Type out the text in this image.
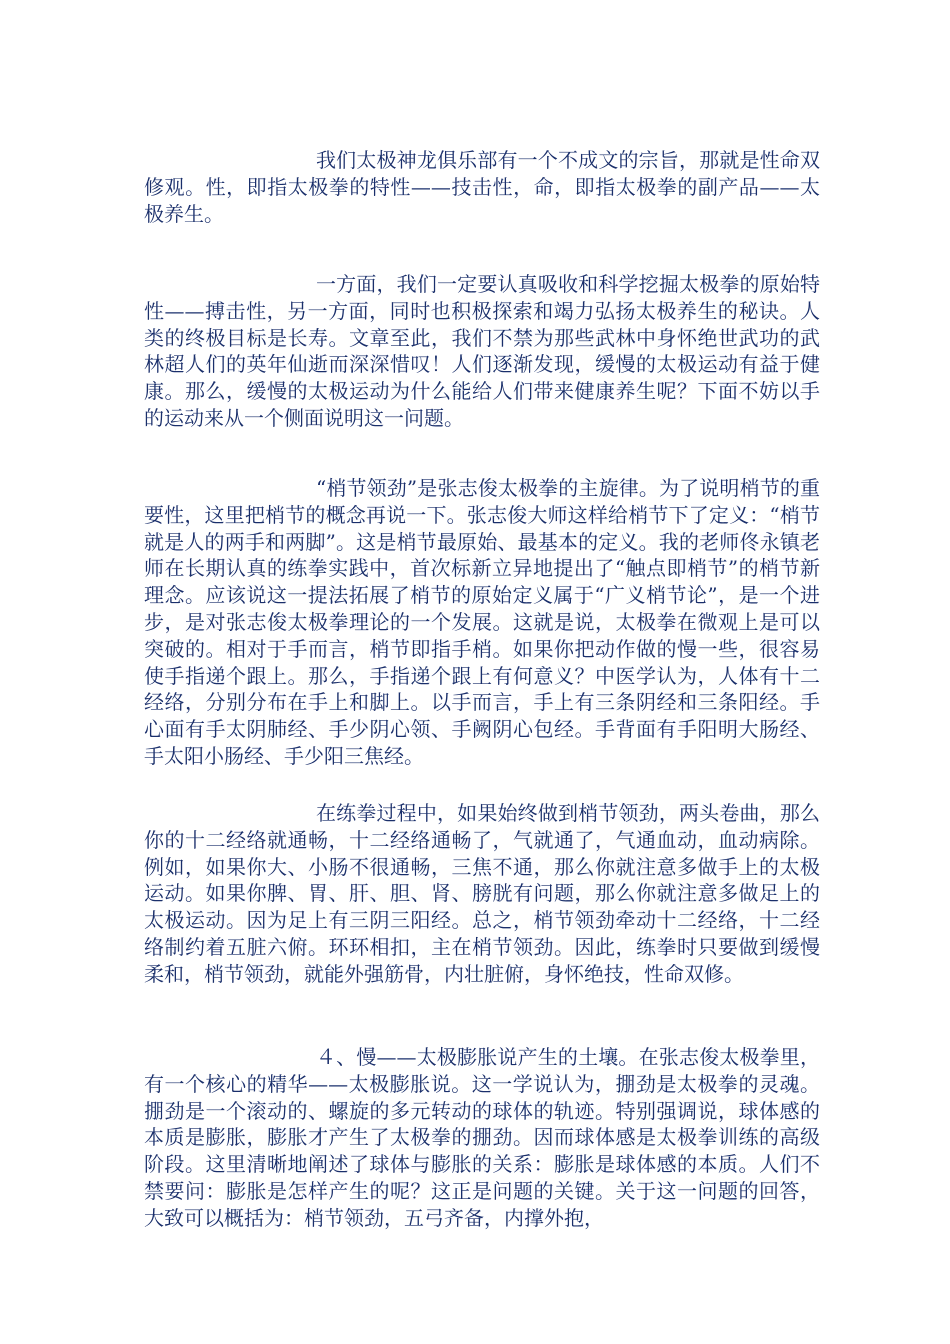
我们太极神龙俱乐部有一个不成文的宗旨，那就是性命双修观。性，即指太极拳的特性——技击性，命，即指太极拳的副产品——太极养生。

一方面，我们一定要认真吸收和科学挖掘太极拳的原始特性——搏击性，另一方面，同时也积极探索和竭力弘扬太极养生的秘诀。人类的终极目标是长寿。文章至此，我们不禁为那些武林中身怀绝世武功的武林超人们的英年仙逝而深深惜叹！人们逐渐发现，缓慢的太极运动有益于健康。那么，缓慢的太极运动为什么能给人们带来健康养生呢？下面不妨以手的运动来从一个侧面说明这一问题。

“梢节领劲”是张志俊太极拳的主旋律。为了说明梢节的重要性，这里把梢节的概念再说一下。张志俊大师这样给梢节下了定义：“梢节就是人的两手和两脚”。这是梢节最原始、最基本的定义。我的老师佟永镇老师在长期认真的练拳实践中，首次标新立异地提出了“触点即梢节”的梢节新理念。应该说这一提法拓展了梢节的原始定义属于“广义梢节论”，是一个进步，是对张志俊太极拳理论的一个发展。这就是说，太极拳在微观上是可以突破的。相对于手而言，梢节即指手梢。如果你把动作做的慢一些，很容易使手指递个跟上。那么，手指递个跟上有何意义？中医学认为，人体有十二经络，分别分布在手上和脚上。以手而言，手上有三条阴经和三条阳经。手心面有手太阴肺经、手少阴心领、手阙阴心包经。手背面有手阳明大肠经、手太阳小肠经、手少阳三焦经。

在练拳过程中，如果始终做到梢节领劲，两头卷曲，那么你的十二经络就通畅，十二经络通畅了，气就通了，气通血动，血动病除。例如，如果你大、小肠不很通畅，三焦不通，那么你就注意多做手上的太极运动。如果你脾、胃、肝、胆、肾、膀胱有问题，那么你就注意多做足上的太极运动。因为足上有三阴三阳经。总之，梢节领劲牵动十二经络，十二经络制约着五脏六俯。环环相扣，主在梢节领劲。因此，练拳时只要做到缓慢柔和，梢节领劲，就能外强筋骨，内壮脏俯，身怀绝技，性命双修。

４、慢——太极膨胀说产生的土壤。在张志俊太极拳里，有一个核心的精华——太极膨胀说。这一学说认为，掤劲是太极拳的灵魂。掤劲是一个滚动的、螺旋的多元转动的球体的轨迹。特别强调说，球体感的本质是膨胀，膨胀才产生了太极拳的掤劲。因而球体感是太极拳训练的高级阶段。这里清晰地阐述了球体与膨胀的关系：膨胀是球体感的本质。人们不禁要问：膨胀是怎样产生的呢？这正是问题的关键。关于这一问题的回答，大致可以概括为：梢节领劲，五弓齐备，内撑外抱，
